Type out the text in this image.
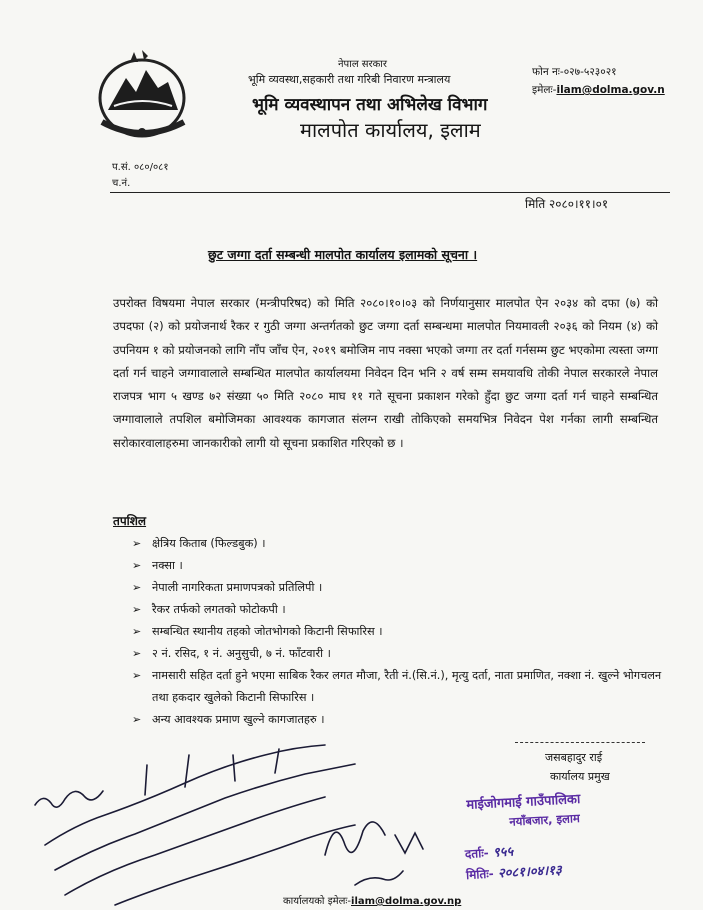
नेपाल सरकार
भूमि व्यवस्था,सहकारी तथा गरिबी निवारण मन्त्रालय
भूमि व्यवस्थापन तथा अभिलेख विभाग
मालपोत कार्यालय, इलाम
फोन नः-०२७-५२३०२१
इमेलः-ilam@dolma.gov.n
प.सं. ०८०/०८१
च.नं.
मिति २०८०।११।०१
छुट जग्गा दर्ता सम्बन्धी मालपोत कार्यालय इलामको सूचना ।
उपरोक्त विषयमा नेपाल सरकार (मन्त्रीपरिषद) को मिति २०८०।१०।०३ को निर्णयानुसार मालपोत ऐन २०३४ को दफा (७) को उपदफा (२) को प्रयोजनार्थ रैकर र गुठी जग्गा अन्तर्गतको छुट जग्गा दर्ता सम्बन्धमा मालपोत नियमावली २०३६ को नियम (४) को उपनियम १ को प्रयोजनको लागि नाँप जाँच ऐन, २०१९ बमोजिम नाप नक्सा भएको जग्गा तर दर्ता गर्नसम्म छुट भएकोमा त्यस्ता जग्गा दर्ता गर्न चाहने जग्गावालाले सम्बन्धित मालपोत कार्यालयमा निवेदन दिन भनि २ वर्ष सम्म समयावधि तोकी नेपाल सरकारले नेपाल राजपत्र भाग ५ खण्ड ७२ संख्या ५० मिति २०८० माघ ११ गते सूचना प्रकाशन गरेको हुँदा छुट जग्गा दर्ता गर्न चाहने सम्बन्धित जग्गावालाले तपशिल बमोजिमका आवश्यक कागजात संलग्न राखी तोकिएको समयभित्र निवेदन पेश गर्नका लागी सम्बन्धित सरोकारवालाहरुमा जानकारीको लागी यो सूचना प्रकाशित गरिएको छ ।
तपशिल
➢ क्षेत्रिय किताब (फिल्डबुक) ।
➢ नक्सा ।
➢ नेपाली नागरिकता प्रमाणपत्रको प्रतिलिपी ।
➢ रैकर तर्फको लगतको फोटोकपी ।
➢ सम्बन्धित स्थानीय तहको जोतभोगको किटानी सिफारिस ।
➢ २ नं. रसिद, १ नं. अनुसुची, ७ नं. फाँटवारी ।
➢ नामसारी सहित दर्ता हुने भएमा साबिक रैकर लगत मौजा, रैती नं.(सि.नं.), मृत्यु दर्ता, नाता प्रमाणित, नक्शा नं. खुल्ने भोगचलन तथा हकदार खुलेको किटानी सिफारिस ।
➢ अन्य आवश्यक प्रमाण खुल्ने कागजातहरु ।
जसबहादुर राई
कार्यालय प्रमुख
माईजोगमाई गाउँपालिका
नयाँबजार, इलाम
दर्ताः- ९५५
मितिः- २०८१।०४।१३
कार्यालयको इमेलः-ilam@dolma.gov.np
